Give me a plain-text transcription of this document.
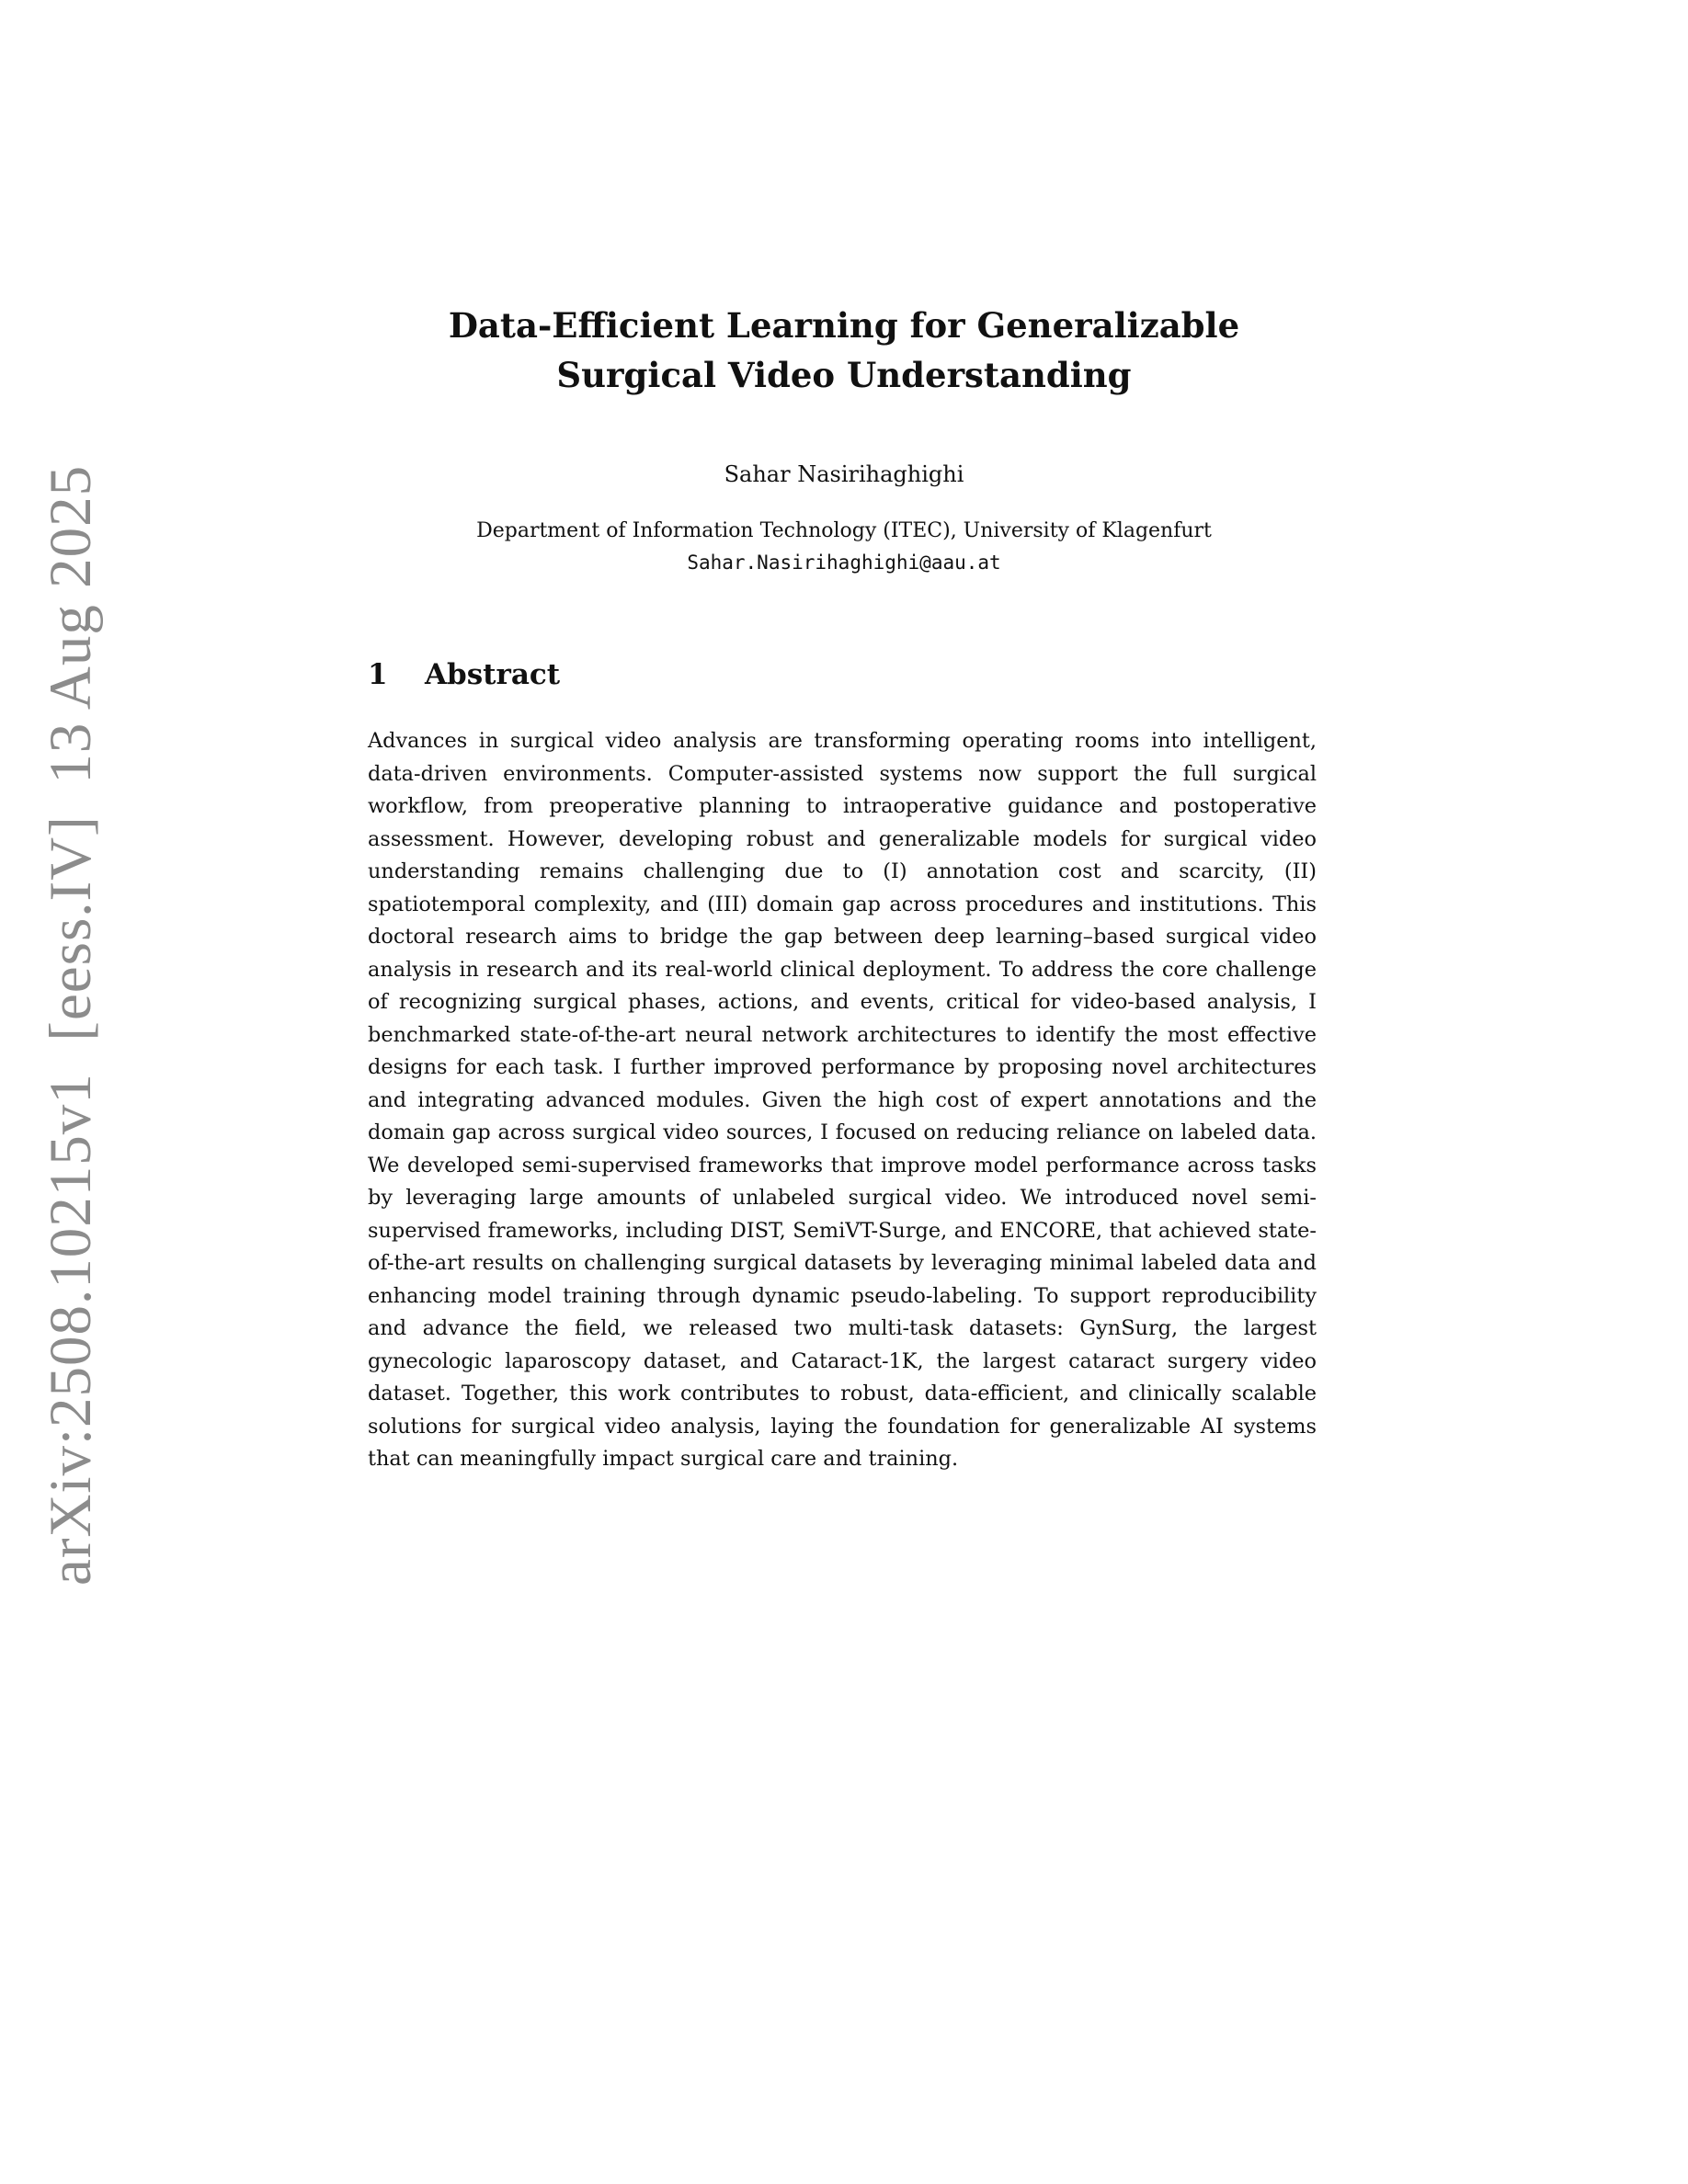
arXiv:2508.10215v1  [eess.IV]  13 Aug 2025
Data-Efficient Learning for Generalizable
Surgical Video Understanding
Sahar Nasirihaghighi
Department of Information Technology (ITEC), University of Klagenfurt
Sahar.Nasirihaghighi@aau.at
1 Abstract

Advances in surgical video analysis are transforming operating rooms into intelligent, data-driven environments. Computer-assisted systems now support the full surgical workflow, from preoperative planning to intraoperative guidance and postoperative assessment. However, developing robust and generalizable models for surgical video understanding remains challenging due to (I) annotation cost and scarcity, (II) spatiotemporal complexity, and (III) domain gap across procedures and institutions. This doctoral research aims to bridge the gap between deep learning–based surgical video analysis in research and its real-world clinical deployment. To address the core challenge of recognizing surgical phases, actions, and events, critical for video-based analysis, I benchmarked state-of-the-art neural network architectures to identify the most effective designs for each task. I further improved performance by proposing novel architectures and integrating advanced modules. Given the high cost of expert annotations and the domain gap across surgical video sources, I focused on reducing reliance on labeled data. We developed semi-supervised frameworks that improve model performance across tasks by leveraging large amounts of unlabeled surgical video. We introduced novel semi-supervised frameworks, including DIST, SemiVT-Surge, and ENCORE, that achieved state-of-the-art results on challenging surgical datasets by leveraging minimal labeled data and enhancing model training through dynamic pseudo-labeling. To support reproducibility and advance the field, we released two multi-task datasets: GynSurg, the largest gynecologic laparoscopy dataset, and Cataract-1K, the largest cataract surgery video dataset. Together, this work contributes to robust, data-efficient, and clinically scalable solutions for surgical video analysis, laying the foundation for generalizable AI systems that can meaningfully impact surgical care and training.
